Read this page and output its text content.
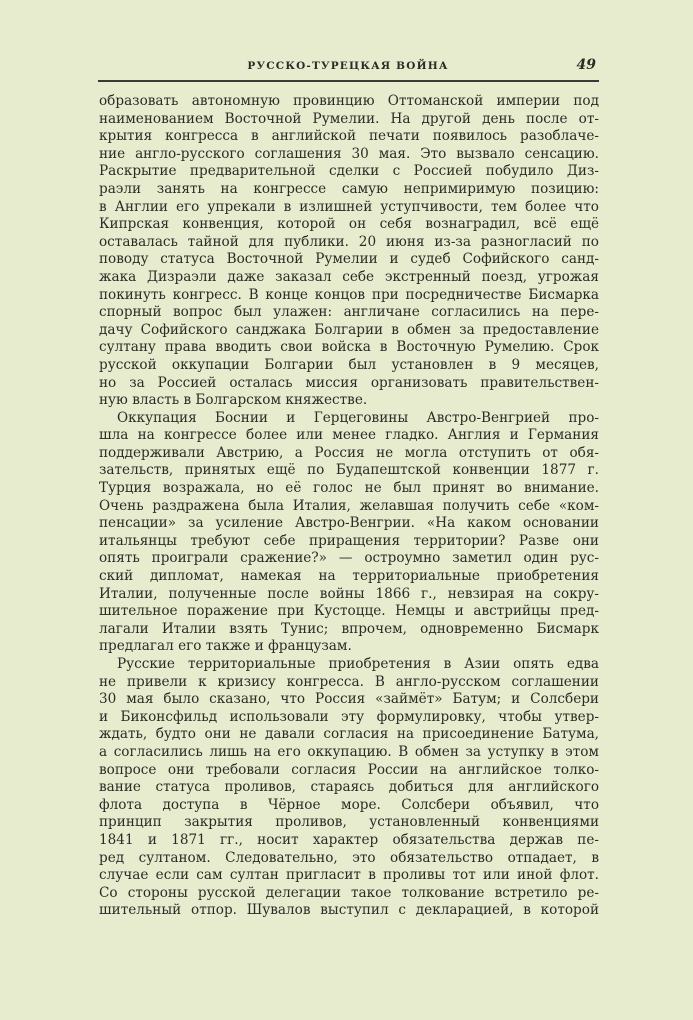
РУССКО-ТУРЕЦКАЯ ВОЙНА	49
образовать автономную провинцию Оттоманской империи под
наименованием Восточной Румелии. На другой день после от-
крытия конгресса в английской печати появилось разоблаче-
ние англо-русского соглашения 30 мая. Это вызвало сенсацию.
Раскрытие предварительной сделки с Россией побудило Диз-
раэли занять на конгрессе самую непримиримую позицию:
в Англии его упрекали в излишней уступчивости, тем более что
Кипрская конвенция, которой он себя вознаградил, всё ещё
оставалась тайной для публики. 20 июня из-за разногласий по
поводу статуса Восточной Румелии и судеб Софийского санд-
жака Дизраэли даже заказал себе экстренный поезд, угрожая
покинуть конгресс. В конце концов при посредничестве Бисмарка
спорный вопрос был улажен: англичане согласились на пере-
дачу Софийского санджака Болгарии в обмен за предоставление
султану права вводить свои войска в Восточную Румелию. Срок
русской оккупации Болгарии был установлен в 9 месяцев,
но за Россией осталась миссия организовать правительствен-
ную власть в Болгарском княжестве.
Оккупация Боснии и Герцеговины Австро-Венгрией про-
шла на конгрессе более или менее гладко. Англия и Германия
поддерживали Австрию, а Россия не могла отступить от обя-
зательств, принятых ещё по Будапештской конвенции 1877 г.
Турция возражала, но её голос не был принят во внимание.
Очень раздражена была Италия, желавшая получить себе «ком-
пенсации» за усиление Австро-Венгрии. «На каком основании
итальянцы требуют себе приращения территории? Разве они
опять проиграли сражение?» — остроумно заметил один рус-
ский дипломат, намекая на территориальные приобретения
Италии, полученные после войны 1866 г., невзирая на сокру-
шительное поражение при Кустоцце. Немцы и австрийцы пред-
лагали Италии взять Тунис; впрочем, одновременно Бисмарк
предлагал его также и французам.
Русские территориальные приобретения в Азии опять едва
не привели к кризису конгресса. В англо-русском соглашении
30 мая было сказано, что Россия «займёт» Батум; и Солсбери
и Биконсфильд использовали эту формулировку, чтобы утвер-
ждать, будто они не давали согласия на присоединение Батума,
а согласились лишь на его оккупацию. В обмен за уступку в этом
вопросе они требовали согласия России на английское толко-
вание статуса проливов, стараясь добиться для английского
флота доступа в Чёрное море. Солсбери объявил, что
принцип закрытия проливов, установленный конвенциями
1841 и 1871 гг., носит характер обязательства держав пе-
ред султаном. Следовательно, это обязательство отпадает, в
случае если сам султан пригласит в проливы тот или иной флот.
Со стороны русской делегации такое толкование встретило ре-
шительный отпор. Шувалов выступил с декларацией, в которой
